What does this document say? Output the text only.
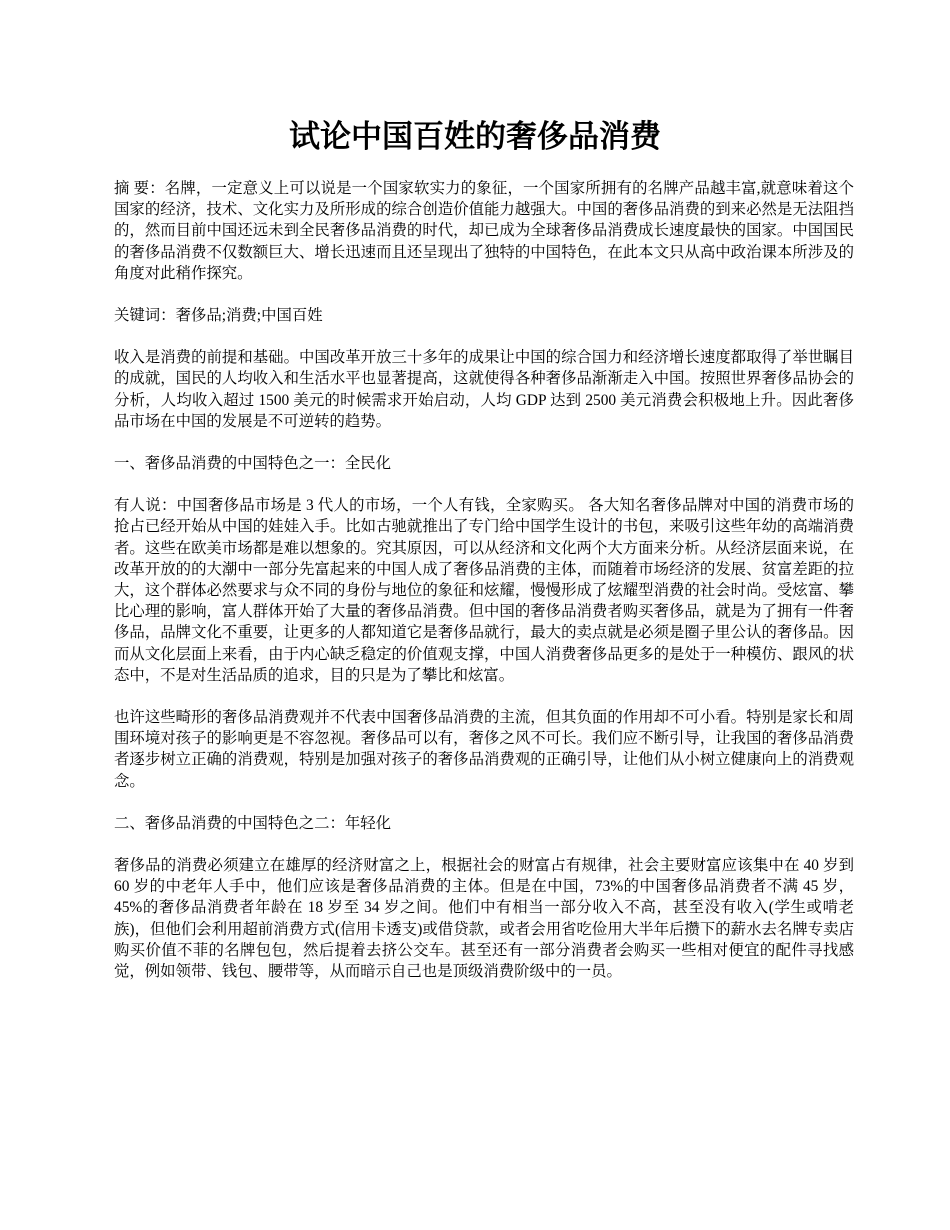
试论中国百姓的奢侈品消费

摘 要：名牌，一定意义上可以说是一个国家软实力的象征，一个国家所拥有的名牌产品越丰富,就意味着这个国家的经济，技术、文化实力及所形成的综合创造价值能力越强大。中国的奢侈品消费的到来必然是无法阻挡的，然而目前中国还远未到全民奢侈品消费的时代，却已成为全球奢侈品消费成长速度最快的国家。中国国民的奢侈品消费不仅数额巨大、增长迅速而且还呈现出了独特的中国特色，在此本文只从高中政治课本所涉及的角度对此稍作探究。

关键词：奢侈品;消费;中国百姓

收入是消费的前提和基础。中国改革开放三十多年的成果让中国的综合国力和经济增长速度都取得了举世瞩目的成就，国民的人均收入和生活水平也显著提高，这就使得各种奢侈品渐渐走入中国。按照世界奢侈品协会的分析，人均收入超过 1500 美元的时候需求开始启动，人均 GDP 达到 2500 美元消费会积极地上升。因此奢侈品市场在中国的发展是不可逆转的趋势。

一、奢侈品消费的中国特色之一：全民化

有人说：中国奢侈品市场是 3 代人的市场，一个人有钱，全家购买。 各大知名奢侈品牌对中国的消费市场的抢占已经开始从中国的娃娃入手。比如古驰就推出了专门给中国学生设计的书包，来吸引这些年幼的高端消费者。这些在欧美市场都是难以想象的。究其原因，可以从经济和文化两个大方面来分析。从经济层面来说，在改革开放的的大潮中一部分先富起来的中国人成了奢侈品消费的主体，而随着市场经济的发展、贫富差距的拉大，这个群体必然要求与众不同的身份与地位的象征和炫耀，慢慢形成了炫耀型消费的社会时尚。受炫富、攀比心理的影响，富人群体开始了大量的奢侈品消费。但中国的奢侈品消费者购买奢侈品，就是为了拥有一件奢侈品，品牌文化不重要，让更多的人都知道它是奢侈品就行，最大的卖点就是必须是圈子里公认的奢侈品。因而从文化层面上来看，由于内心缺乏稳定的价值观支撑，中国人消费奢侈品更多的是处于一种模仿、跟风的状态中，不是对生活品质的追求，目的只是为了攀比和炫富。

也许这些畸形的奢侈品消费观并不代表中国奢侈品消费的主流，但其负面的作用却不可小看。特别是家长和周围环境对孩子的影响更是不容忽视。奢侈品可以有，奢侈之风不可长。我们应不断引导，让我国的奢侈品消费者逐步树立正确的消费观，特别是加强对孩子的奢侈品消费观的正确引导，让他们从小树立健康向上的消费观念。

二、奢侈品消费的中国特色之二：年轻化

奢侈品的消费必须建立在雄厚的经济财富之上，根据社会的财富占有规律，社会主要财富应该集中在 40 岁到 60 岁的中老年人手中，他们应该是奢侈品消费的主体。但是在中国，73%的中国奢侈品消费者不满 45 岁，45%的奢侈品消费者年龄在 18 岁至 34 岁之间。他们中有相当一部分收入不高，甚至没有收入(学生或啃老族)，但他们会利用超前消费方式(信用卡透支)或借贷款，或者会用省吃俭用大半年后攒下的薪水去名牌专卖店购买价值不菲的名牌包包，然后提着去挤公交车。甚至还有一部分消费者会购买一些相对便宜的配件寻找感觉，例如领带、钱包、腰带等，从而暗示自己也是顶级消费阶级中的一员。
